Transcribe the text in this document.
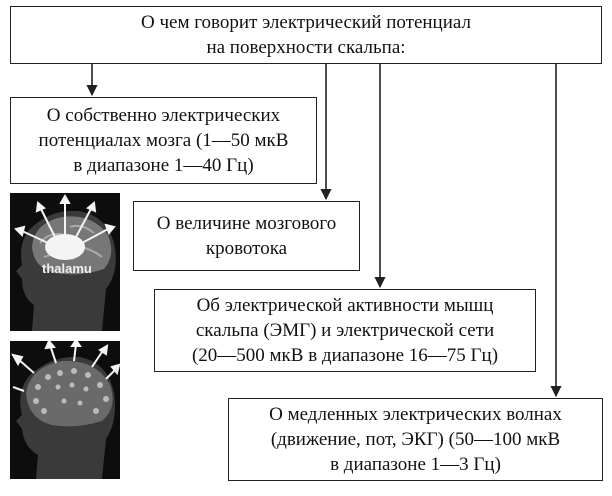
О чем говорит электрический потенциал
на поверхности скальпа:
О собственно электрических
потенциалах мозга (1—50 мкВ
в диапазоне 1—40 Гц)
О величине мозгового
кровотока
Об электрической активности мышц
скальпа (ЭМГ) и электрической сети
(20—500 мкВ в диапазоне 16—75 Гц)
О медленных электрических волнах
(движение, пот, ЭКГ) (50—100 мкВ
в диапазоне 1—3 Гц)
thalamu
